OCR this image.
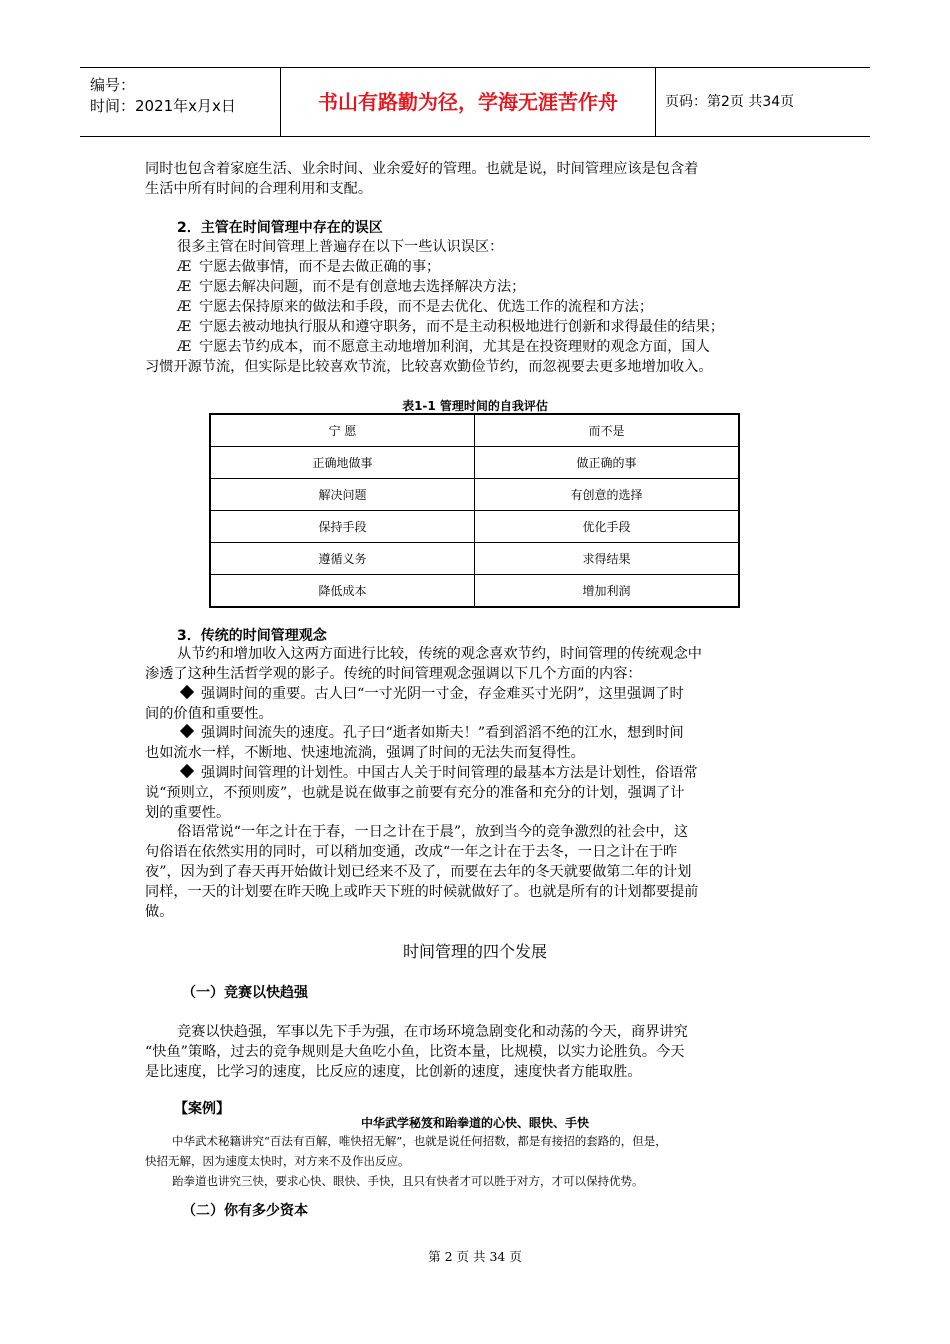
编号：
时间：2021年x月x日	书山有路勤为径，学海无涯苦作舟	页码：第2页 共34页

同时也包含着家庭生活、业余时间、业余爱好的管理。也就是说，时间管理应该是包含着

生活中所有时间的合理利用和支配。

2．主管在时间管理中存在的误区

很多主管在时间管理上普遍存在以下一些认识误区：

Æ 宁愿去做事情，而不是去做正确的事；

Æ 宁愿去解决问题，而不是有创意地去选择解决方法；

Æ 宁愿去保持原来的做法和手段，而不是去优化、优选工作的流程和方法；

Æ 宁愿去被动地执行服从和遵守职务，而不是主动积极地进行创新和求得最佳的结果；

Æ 宁愿去节约成本，而不愿意主动地增加利润，尤其是在投资理财的观念方面，国人

习惯开源节流，但实际是比较喜欢节流，比较喜欢勤俭节约，而忽视要去更多地增加收入。

表1-1 管理时间的自我评估
宁 愿	而不是
正确地做事	做正确的事
解决问题	有创意的选择
保持手段	优化手段
遵循义务	求得结果
降低成本	增加利润
3．传统的时间管理观念

从节约和增加收入这两方面进行比较，传统的观念喜欢节约，时间管理的传统观念中

渗透了这种生活哲学观的影子。传统的时间管理观念强调以下几个方面的内容：

强调时间的重要。古人曰“一寸光阴一寸金，存金难买寸光阴”，这里强调了时

间的价值和重要性。

强调时间流失的速度。孔子曰“逝者如斯夫！”看到滔滔不绝的江水，想到时间

也如流水一样，不断地、快速地流淌，强调了时间的无法失而复得性。

强调时间管理的计划性。中国古人关于时间管理的最基本方法是计划性，俗语常

说“预则立，不预则废”，也就是说在做事之前要有充分的准备和充分的计划，强调了计

划的重要性。

俗语常说“一年之计在于春，一日之计在于晨”，放到当今的竞争激烈的社会中，这

句俗语在依然实用的同时，可以稍加变通，改成“一年之计在于去冬，一日之计在于昨

夜”，因为到了春天再开始做计划已经来不及了，而要在去年的冬天就要做第二年的计划

同样，一天的计划要在昨天晚上或昨天下班的时候就做好了。也就是所有的计划都要提前

做。

时间管理的四个发展
（一）竞赛以快趋强

竞赛以快趋强，军事以先下手为强，在市场环境急剧变化和动荡的今天，商界讲究

“快鱼”策略，过去的竞争规则是大鱼吃小鱼，比资本量，比规模，以实力论胜负。今天

是比速度，比学习的速度，比反应的速度，比创新的速度，速度快者方能取胜。

【案例】
中华武学秘笈和跆拳道的心快、眼快、手快
中华武术秘籍讲究“百法有百解，唯快招无解”，也就是说任何招数，都是有接招的套路的，但是，
快招无解，因为速度太快时，对方来不及作出反应。
跆拳道也讲究三快，要求心快、眼快、手快，且只有快者才可以胜于对方，才可以保持优势。
（二）你有多少资本
第 2 页 共 34 页
